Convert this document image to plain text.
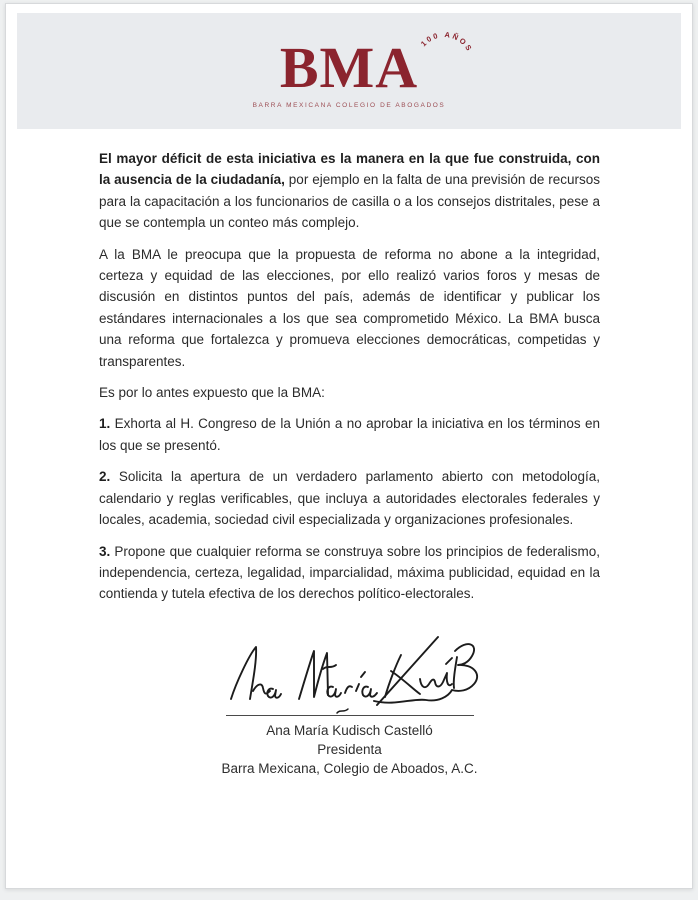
100 AÑOS
BMA
BARRA MEXICANA COLEGIO DE ABOGADOS

El mayor déficit de esta iniciativa es la manera en la que fue construida, con la ausencia de la ciudadanía, por ejemplo en la falta de una previsión de recursos para la capacitación a los funcionarios de casilla o a los consejos distritales, pese a que se contempla un conteo más complejo.

A la BMA le preocupa que la propuesta de reforma no abone a la integridad, certeza y equidad de las elecciones, por ello realizó varios foros y mesas de discusión en distintos puntos del país, además de identificar y publicar los estándares internacionales a los que sea comprometido México. La BMA busca una reforma que fortalezca y promueva elecciones democráticas, competidas y transparentes.

Es por lo antes expuesto que la BMA:

1. Exhorta al H. Congreso de la Unión a no aprobar la iniciativa en los términos en los que se presentó.

2. Solicita la apertura de un verdadero parlamento abierto con metodología, calendario y reglas verificables, que incluya a autoridades electorales federales y locales, academia, sociedad civil especializada y organizaciones profesionales.

3. Propone que cualquier reforma se construya sobre los principios de federalismo, independencia, certeza, legalidad, imparcialidad, máxima publicidad, equidad en la contienda y tutela efectiva de los derechos político-electorales.

Ana María Kudisch Castelló
Presidenta
Barra Mexicana, Colegio de Aboados, A.C.
